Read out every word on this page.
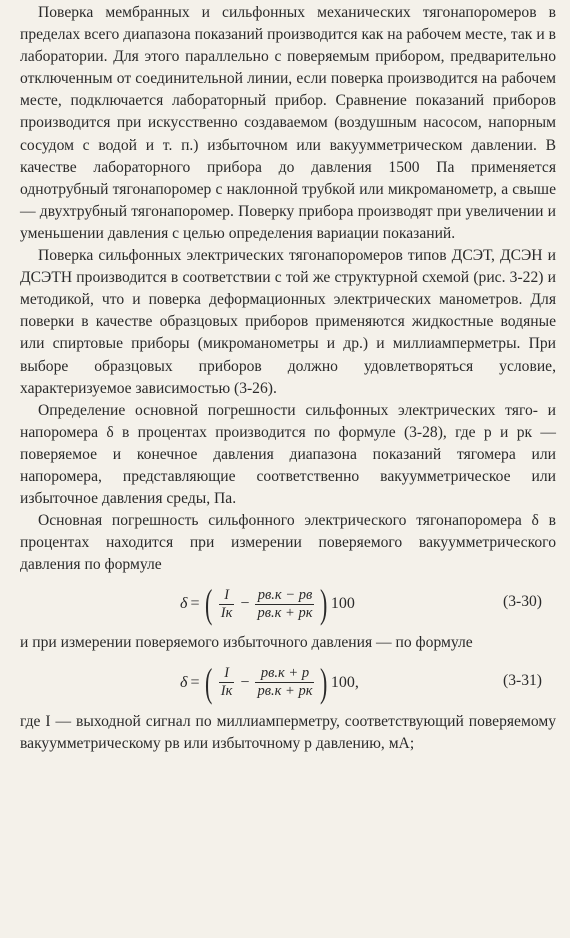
Поверка мембранных и сильфонных механических тягонапоромеров в пределах всего диапазона показаний производится как на рабочем месте, так и в лаборатории. Для этого параллельно с поверяемым прибором, предварительно отключенным от соединительной линии, если поверка производится на рабочем месте, подключается лабораторный прибор. Сравнение показаний приборов производится при искусственно создаваемом (воздушным насосом, напорным сосудом с водой и т. п.) избыточном или вакуумметрическом давлении. В качестве лабораторного прибора до давления 1500 Па применяется однотрубный тягонапоромер с наклонной трубкой или микроманометр, а свыше — двухтрубный тягонапоромер. Поверку прибора производят при увеличении и уменьшении давления с целью определения вариации показаний.

Поверка сильфонных электрических тягонапоромеров типов ДСЭТ, ДСЭН и ДСЭТН производится в соответствии с той же структурной схемой (рис. 3-22) и методикой, что и поверка деформационных электрических манометров. Для поверки в качестве образцовых приборов применяются жидкостные водяные или спиртовые приборы (микроманометры и др.) и миллиамперметры. При выборе образцовых приборов должно удовлетворяться условие, характеризуемое зависимостью (3-26).

Определение основной погрешности сильфонных электрических тяго- и напоромера δ в процентах производится по формуле (3-28), где p и pк — поверяемое и конечное давления диапазона показаний тягомера или напоромера, представляющие соответственно вакуумметрическое или избыточное давления среды, Па.

Основная погрешность сильфонного электрического тягонапоромера δ в процентах находится при измерении поверяемого вакуумметрического давления по формуле

δ = ( $\frac{I}{Iк} - \frac{pв.к - pв}{pв.к + pк}$ ) 100	(3-30)

и при измерении поверяемого избыточного давления — по формуле

δ = ( $\frac{I}{Iк} - \frac{pв.к + p}{pв.к + pк}$ ) 100 ,	(3-31)

где I — выходной сигнал по миллиамперметру, соответствующий поверяемому вакуумметрическому pв или избыточному p давлению, мА;
